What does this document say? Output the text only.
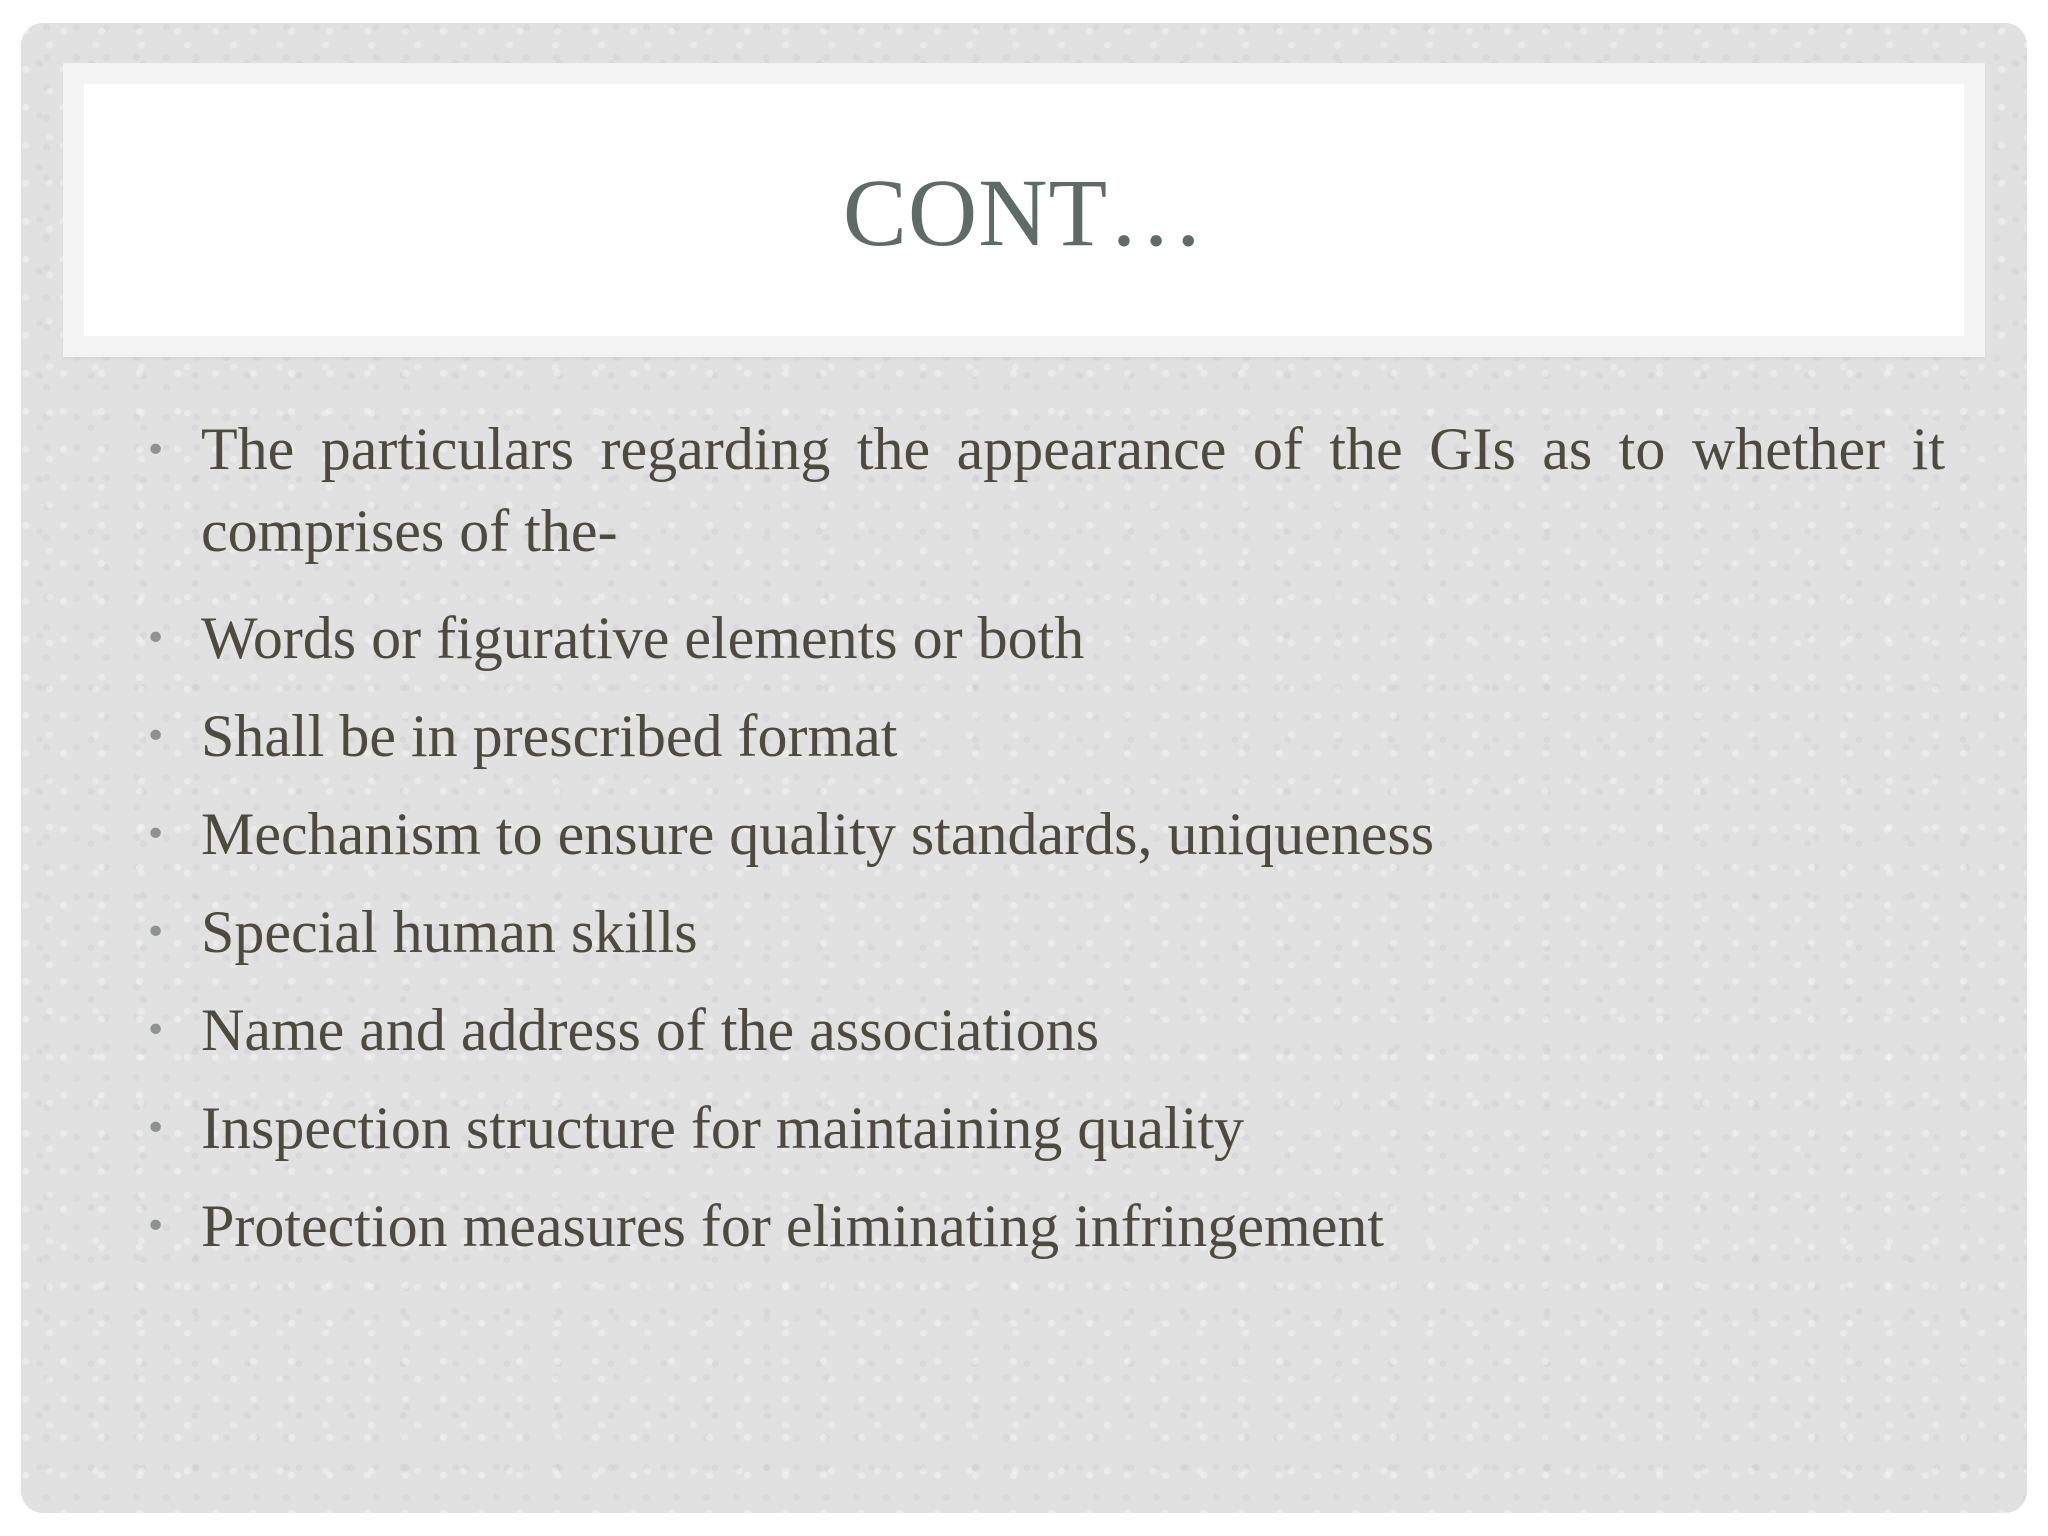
CONT…
• The particulars regarding the appearance of the GIs as to whether it comprises of the-
• Words or figurative elements or both
• Shall be in prescribed format
• Mechanism to ensure quality standards, uniqueness
• Special human skills
• Name and address of the associations
• Inspection structure for maintaining quality
• Protection measures for eliminating infringement
